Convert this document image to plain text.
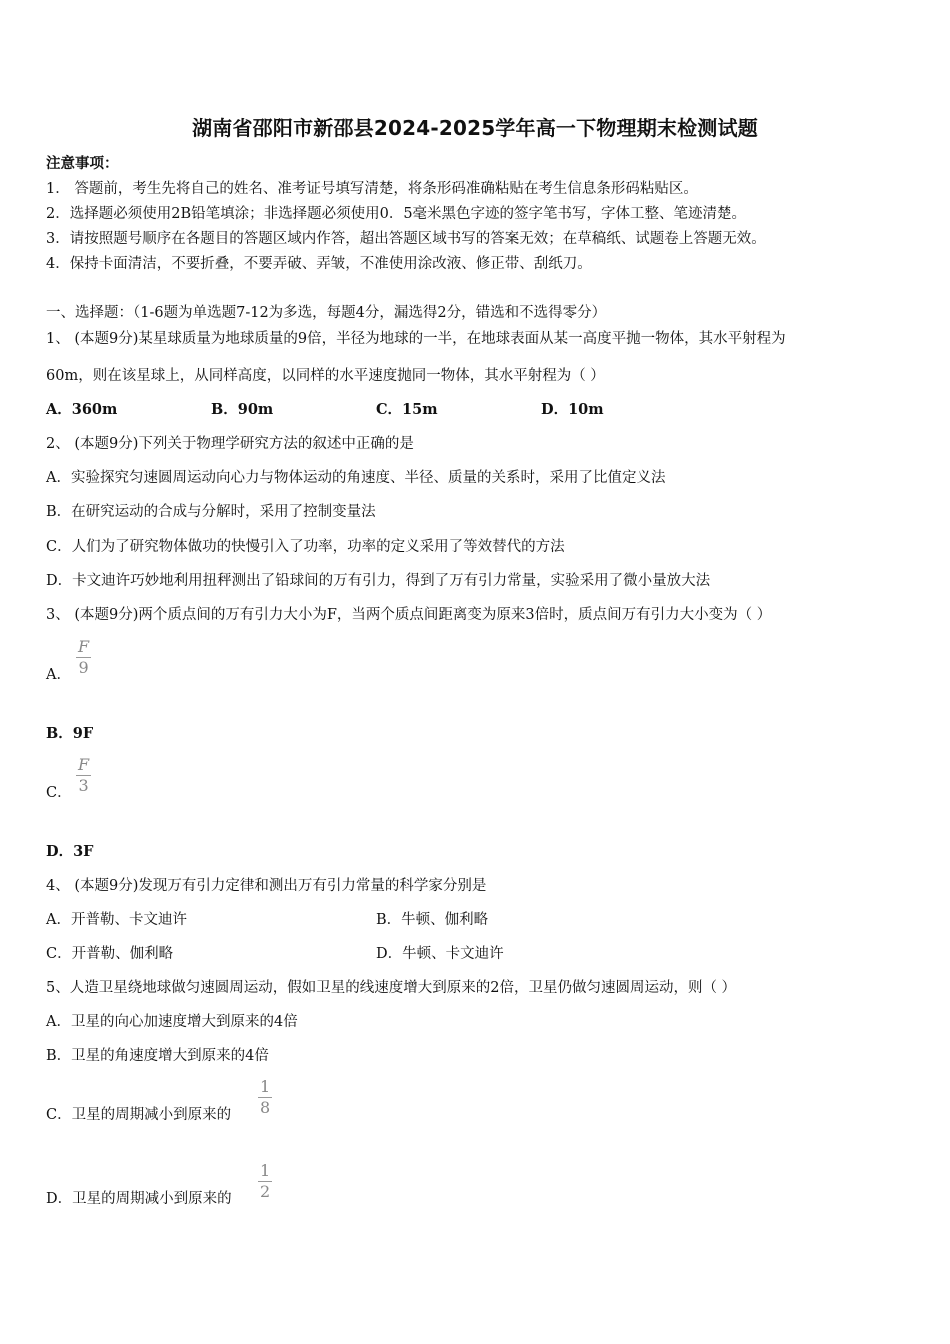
湖南省邵阳市新邵县2024-2025学年高一下物理期末检测试题
注意事项：
1． 答题前，考生先将自己的姓名、准考证号填写清楚，将条形码准确粘贴在考生信息条形码粘贴区。
2．选择题必须使用2B铅笔填涂；非选择题必须使用0．5毫米黑色字迹的签字笔书写，字体工整、笔迹清楚。
3．请按照题号顺序在各题目的答题区域内作答，超出答题区域书写的答案无效；在草稿纸、试题卷上答题无效。
4．保持卡面清洁，不要折叠，不要弄破、弄皱，不准使用涂改液、修正带、刮纸刀。
一、选择题：（1-6题为单选题7-12为多选，每题4分，漏选得2分，错选和不选得零分）
1、 (本题9分)某星球质量为地球质量的9倍，半径为地球的一半，在地球表面从某一高度平抛一物体，其水平射程为
60m，则在该星球上，从同样高度，以同样的水平速度抛同一物体，其水平射程为（ ）
A．360m	B．90m	C．15m	D．10m
2、 (本题9分)下列关于物理学研究方法的叙述中正确的是
A．实验探究匀速圆周运动向心力与物体运动的角速度、半径、质量的关系时，采用了比值定义法
B．在研究运动的合成与分解时，采用了控制变量法
C．人们为了研究物体做功的快慢引入了功率，功率的定义采用了等效替代的方法
D．卡文迪许巧妙地利用扭秤测出了铅球间的万有引力，得到了万有引力常量，实验采用了微小量放大法
3、 (本题9分)两个质点间的万有引力大小为F，当两个质点间距离变为原来3倍时，质点间万有引力大小变为（ ）
A．
F
9
B．9F
C．
F
3
D．3F
4、 (本题9分)发现万有引力定律和测出万有引力常量的科学家分别是
A．开普勒、卡文迪许	B．牛顿、伽利略
C．开普勒、伽利略	D．牛顿、卡文迪许
5、人造卫星绕地球做匀速圆周运动，假如卫星的线速度增大到原来的2倍，卫星仍做匀速圆周运动，则（ ）
A．卫星的向心加速度增大到原来的4倍
B．卫星的角速度增大到原来的4倍
C．卫星的周期减小到原来的
1
8
D．卫星的周期减小到原来的
1
2
